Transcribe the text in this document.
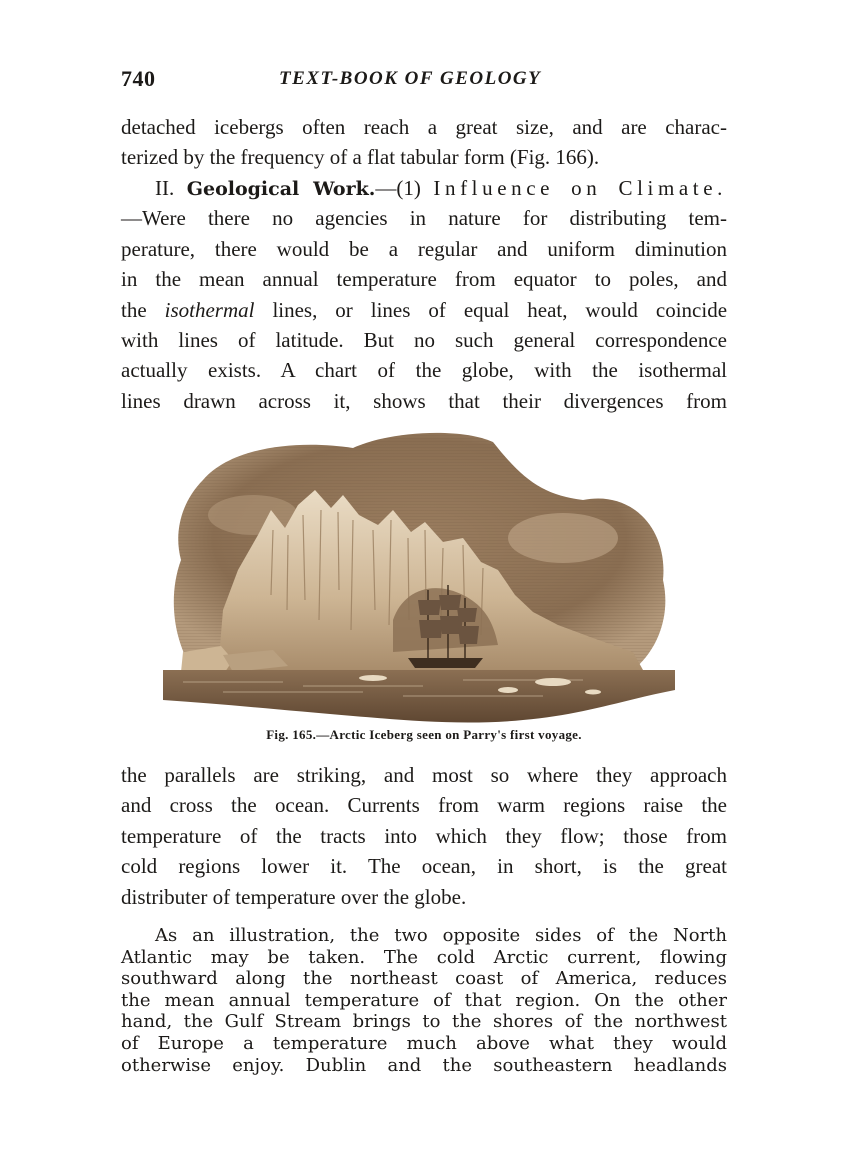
740	TEXT-BOOK OF GEOLOGY
detached icebergs often reach a great size, and are charac-
terized by the frequency of a flat tabular form (Fig. 166).
II. Geological Work.—(1) Influence on Climate.
—Were there no agencies in nature for distributing tem-
perature, there would be a regular and uniform diminution
in the mean annual temperature from equator to poles, and
the isothermal lines, or lines of equal heat, would coincide
with lines of latitude. But no such general correspondence
actually exists. A chart of the globe, with the isothermal
lines drawn across it, shows that their divergences from
Fig. 165.—Arctic Iceberg seen on Parry's first voyage.
the parallels are striking, and most so where they approach
and cross the ocean. Currents from warm regions raise the
temperature of the tracts into which they flow; those from
cold regions lower it. The ocean, in short, is the great
distributer of temperature over the globe.
As an illustration, the two opposite sides of the North
Atlantic may be taken. The cold Arctic current, flowing
southward along the northeast coast of America, reduces
the mean annual temperature of that region. On the other
hand, the Gulf Stream brings to the shores of the northwest
of Europe a temperature much above what they would
otherwise enjoy. Dublin and the southeastern headlands
